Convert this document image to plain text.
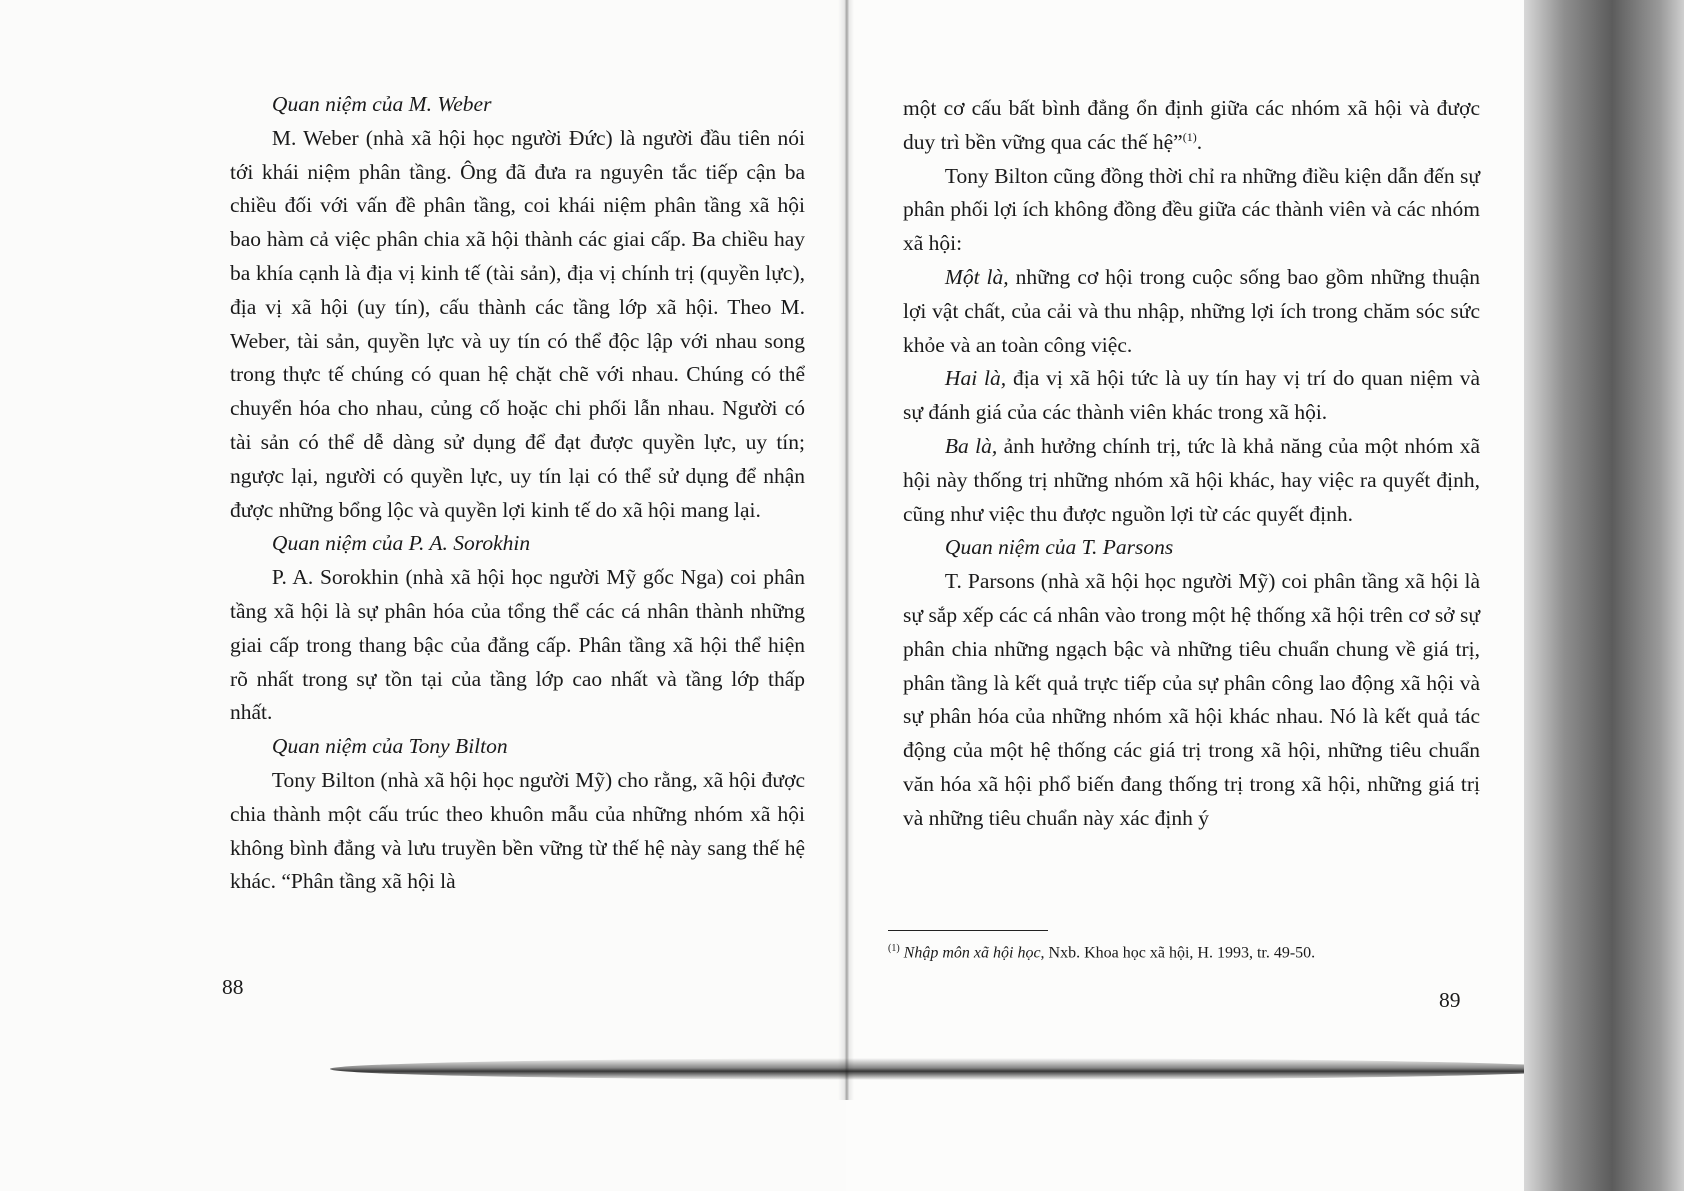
Quan niệm của M. Weber

M. Weber (nhà xã hội học người Đức) là người đầu tiên nói tới khái niệm phân tầng. Ông đã đưa ra nguyên tắc tiếp cận ba chiều đối với vấn đề phân tầng, coi khái niệm phân tầng xã hội bao hàm cả việc phân chia xã hội thành các giai cấp. Ba chiều hay ba khía cạnh là địa vị kinh tế (tài sản), địa vị chính trị (quyền lực), địa vị xã hội (uy tín), cấu thành các tầng lớp xã hội. Theo M. Weber, tài sản, quyền lực và uy tín có thể độc lập với nhau song trong thực tế chúng có quan hệ chặt chẽ với nhau. Chúng có thể chuyển hóa cho nhau, củng cố hoặc chi phối lẫn nhau. Người có tài sản có thể dễ dàng sử dụng để đạt được quyền lực, uy tín; ngược lại, người có quyền lực, uy tín lại có thể sử dụng để nhận được những bổng lộc và quyền lợi kinh tế do xã hội mang lại.

Quan niệm của P. A. Sorokhin

P. A. Sorokhin (nhà xã hội học người Mỹ gốc Nga) coi phân tầng xã hội là sự phân hóa của tổng thể các cá nhân thành những giai cấp trong thang bậc của đẳng cấp. Phân tầng xã hội thể hiện rõ nhất trong sự tồn tại của tầng lớp cao nhất và tầng lớp thấp nhất.

Quan niệm của Tony Bilton

Tony Bilton (nhà xã hội học người Mỹ) cho rằng, xã hội được chia thành một cấu trúc theo khuôn mẫu của những nhóm xã hội không bình đẳng và lưu truyền bền vững từ thế hệ này sang thế hệ khác. “Phân tầng xã hội là

88

một cơ cấu bất bình đẳng ổn định giữa các nhóm xã hội và được duy trì bền vững qua các thế hệ”$^{(1)}$.

Tony Bilton cũng đồng thời chỉ ra những điều kiện dẫn đến sự phân phối lợi ích không đồng đều giữa các thành viên và các nhóm xã hội:

Một là, những cơ hội trong cuộc sống bao gồm những thuận lợi vật chất, của cải và thu nhập, những lợi ích trong chăm sóc sức khỏe và an toàn công việc.

Hai là, địa vị xã hội tức là uy tín hay vị trí do quan niệm và sự đánh giá của các thành viên khác trong xã hội.

Ba là, ảnh hưởng chính trị, tức là khả năng của một nhóm xã hội này thống trị những nhóm xã hội khác, hay việc ra quyết định, cũng như việc thu được nguồn lợi từ các quyết định.

Quan niệm của T. Parsons

T. Parsons (nhà xã hội học người Mỹ) coi phân tầng xã hội là sự sắp xếp các cá nhân vào trong một hệ thống xã hội trên cơ sở sự phân chia những ngạch bậc và những tiêu chuẩn chung về giá trị, phân tầng là kết quả trực tiếp của sự phân công lao động xã hội và sự phân hóa của những nhóm xã hội khác nhau. Nó là kết quả tác động của một hệ thống các giá trị trong xã hội, những tiêu chuẩn văn hóa xã hội phổ biến đang thống trị trong xã hội, những giá trị và những tiêu chuẩn này xác định ý

$^{(1)}$ Nhập môn xã hội học, Nxb. Khoa học xã hội, H. 1993, tr. 49-50.
89
